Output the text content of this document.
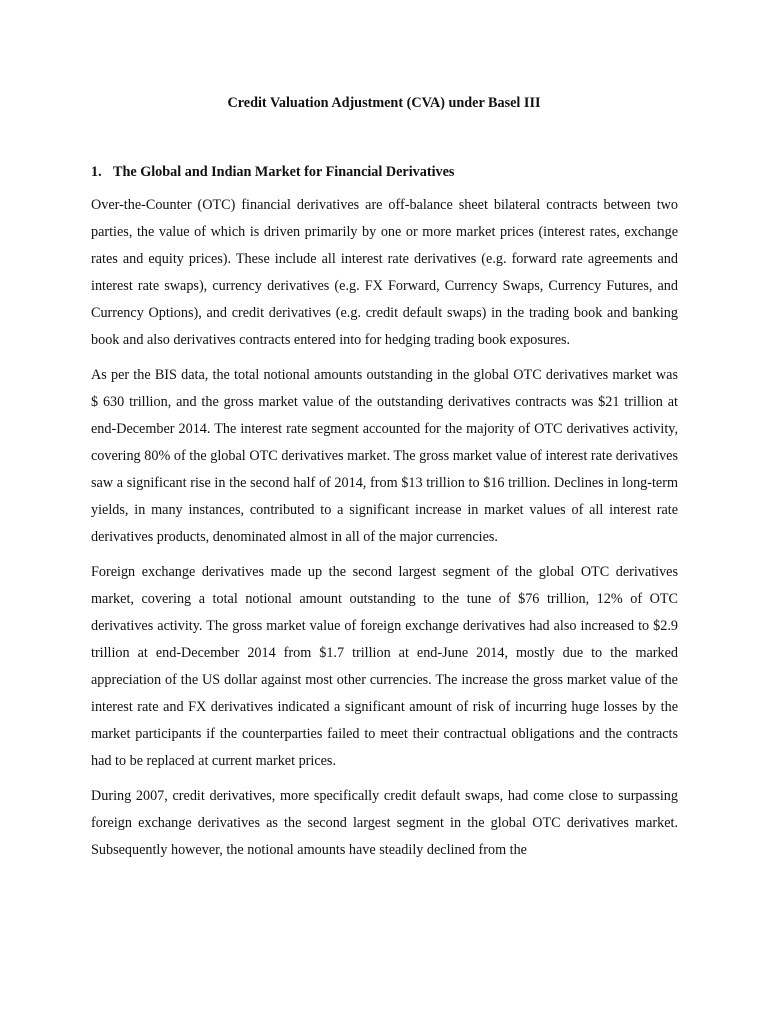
Credit Valuation Adjustment (CVA) under Basel III
1. The Global and Indian Market for Financial Derivatives

Over-the-Counter (OTC) financial derivatives are off-balance sheet bilateral contracts between two parties, the value of which is driven primarily by one or more market prices (interest rates, exchange rates and equity prices). These include all interest rate derivatives (e.g. forward rate agreements and interest rate swaps), currency derivatives (e.g. FX Forward, Currency Swaps, Currency Futures, and Currency Options), and credit derivatives (e.g. credit default swaps) in the trading book and banking book and also derivatives contracts entered into for hedging trading book exposures.

As per the BIS data, the total notional amounts outstanding in the global OTC derivatives market was $ 630 trillion, and the gross market value of the outstanding derivatives contracts was $21 trillion at end-December 2014. The interest rate segment accounted for the majority of OTC derivatives activity, covering 80% of the global OTC derivatives market. The gross market value of interest rate derivatives saw a significant rise in the second half of 2014, from $13 trillion to $16 trillion. Declines in long-term yields, in many instances, contributed to a significant increase in market values of all interest rate derivatives products, denominated almost in all of the major currencies.

Foreign exchange derivatives made up the second largest segment of the global OTC derivatives market, covering a total notional amount outstanding to the tune of $76 trillion, 12% of OTC derivatives activity. The gross market value of foreign exchange derivatives had also increased to $2.9 trillion at end-December 2014 from $1.7 trillion at end-June 2014, mostly due to the marked appreciation of the US dollar against most other currencies. The increase the gross market value of the interest rate and FX derivatives indicated a significant amount of risk of incurring huge losses by the market participants if the counterparties failed to meet their contractual obligations and the contracts had to be replaced at current market prices.

During 2007, credit derivatives, more specifically credit default swaps, had come close to surpassing foreign exchange derivatives as the second largest segment in the global OTC derivatives market. Subsequently however, the notional amounts have steadily declined from the
